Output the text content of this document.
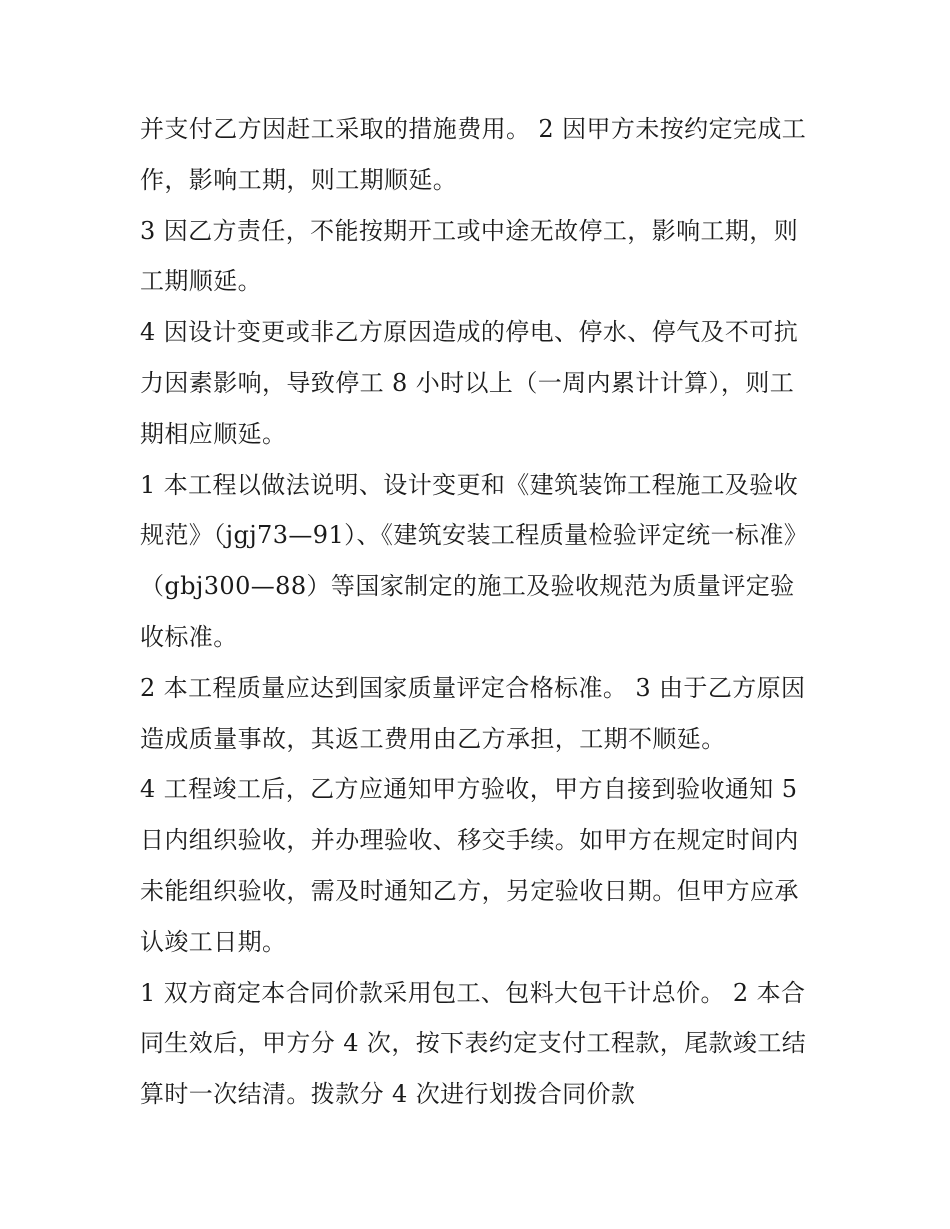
并支付乙方因赶工采取的措施费用。 2 因甲方未按约定完成工作，影响工期，则工期顺延。

3 因乙方责任，不能按期开工或中途无故停工，影响工期，则工期顺延。

4 因设计变更或非乙方原因造成的停电、停水、停气及不可抗力因素影响，导致停工 8 小时以上（一周内累计计算），则工期相应顺延。

1 本工程以做法说明、设计变更和《建筑装饰工程施工及验收规范》（jgj73—91）、《建筑安装工程质量检验评定统一标准》（gbj300—88）等国家制定的施工及验收规范为质量评定验收标准。

2 本工程质量应达到国家质量评定合格标准。 3 由于乙方原因造成质量事故，其返工费用由乙方承担，工期不顺延。

4 工程竣工后，乙方应通知甲方验收，甲方自接到验收通知 5 日内组织验收，并办理验收、移交手续。如甲方在规定时间内未能组织验收，需及时通知乙方，另定验收日期。但甲方应承认竣工日期。

1 双方商定本合同价款采用包工、包料大包干计总价。 2 本合同生效后，甲方分 4 次，按下表约定支付工程款，尾款竣工结算时一次结清。拨款分 4 次进行划拨合同价款
